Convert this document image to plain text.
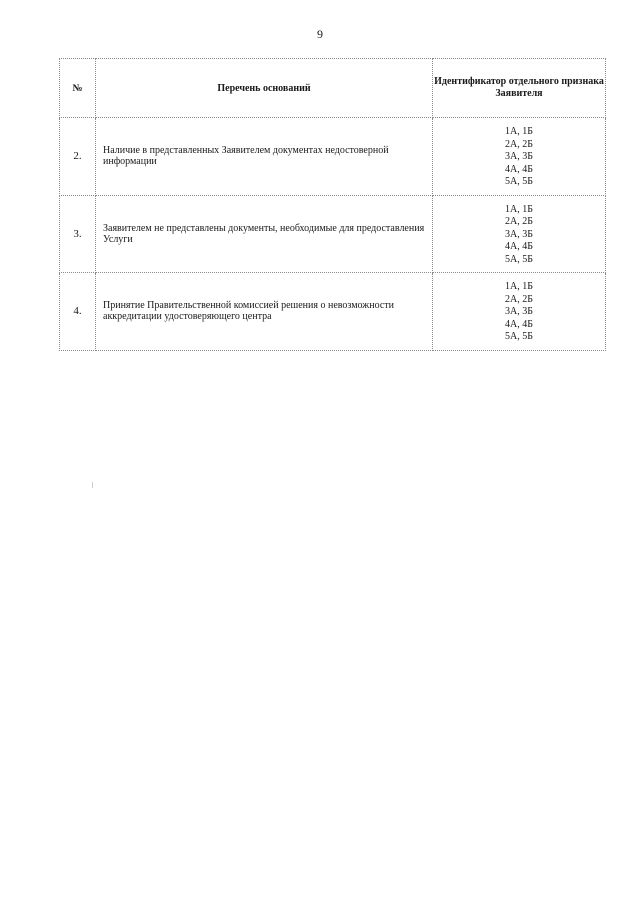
9
№	Перечень оснований	Идентификатор отдельного признака Заявителя
2.	Наличие в представленных Заявителем документах недостоверной информации	1А, 1Б
2А, 2Б
3А, 3Б
4А, 4Б
5А, 5Б

3.	Заявителем не представлены документы, необходимые для предоставления Услуги	1А, 1Б
2А, 2Б
3А, 3Б
4А, 4Б
5А, 5Б

4.	Принятие Правительственной комиссией решения о невозможности аккредитации удостоверяющего центра	1А, 1Б
2А, 2Б
3А, 3Б
4А, 4Б
5А, 5Б
